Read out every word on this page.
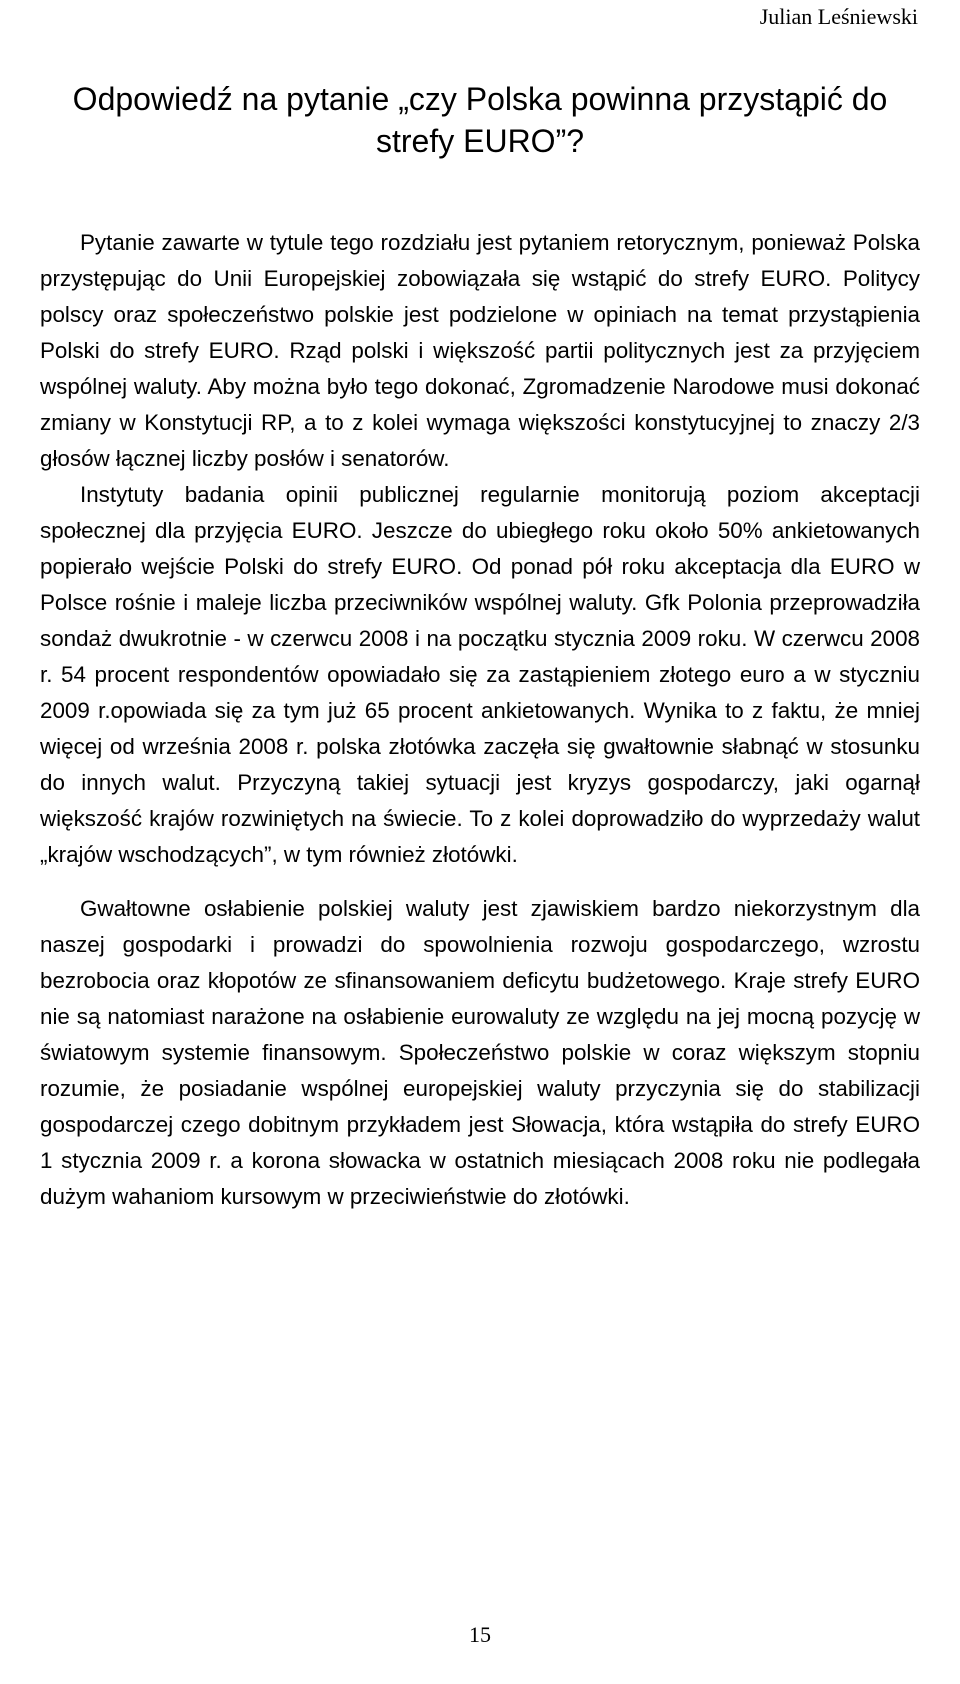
Julian Leśniewski
Odpowiedź na pytanie „czy Polska powinna przystąpić do strefy EURO”?

Pytanie zawarte w tytule tego rozdziału jest pytaniem retorycznym, ponieważ Polska przystępując do Unii Europejskiej zobowiązała się wstąpić do strefy EURO. Politycy polscy oraz społeczeństwo polskie jest podzielone w opiniach na temat przystąpienia Polski do strefy EURO. Rząd polski i większość partii politycznych jest za przyjęciem wspólnej waluty. Aby można było tego dokonać, Zgromadzenie Narodowe musi dokonać zmiany w Konstytucji RP, a to z kolei wymaga większości konstytucyjnej to znaczy 2/3 głosów łącznej liczby posłów i senatorów.

Instytuty badania opinii publicznej regularnie monitorują poziom akceptacji społecznej dla przyjęcia EURO. Jeszcze do ubiegłego roku około 50% ankietowanych popierało wejście Polski do strefy EURO. Od ponad pół roku akceptacja dla EURO w Polsce rośnie i maleje liczba przeciwników wspólnej waluty. Gfk Polonia przeprowadziła sondaż dwukrotnie - w czerwcu 2008 i na początku stycznia 2009 roku. W czerwcu 2008 r. 54 procent respondentów opowiadało się za zastąpieniem złotego euro a w styczniu 2009 r.opowiada się za tym już 65 procent ankietowanych. Wynika to z faktu, że mniej więcej od września 2008 r. polska złotówka zaczęła się gwałtownie słabnąć w stosunku do innych walut. Przyczyną takiej sytuacji jest kryzys gospodarczy, jaki ogarnął większość krajów rozwiniętych na świecie. To z kolei doprowadziło do wyprzedaży walut „krajów wschodzących”, w tym również złotówki.

Gwałtowne osłabienie polskiej waluty jest zjawiskiem bardzo niekorzystnym dla naszej gospodarki i prowadzi do spowolnienia rozwoju gospodarczego, wzrostu bezrobocia oraz kłopotów ze sfinansowaniem deficytu budżetowego. Kraje strefy EURO nie są natomiast narażone na osłabienie eurowaluty ze względu na jej mocną pozycję w światowym systemie finansowym. Społeczeństwo polskie w coraz większym stopniu rozumie, że posiadanie wspólnej europejskiej waluty przyczynia się do stabilizacji gospodarczej czego dobitnym przykładem jest Słowacja, która wstąpiła do strefy EURO 1 stycznia 2009 r. a korona słowacka w ostatnich miesiącach 2008 roku nie podlegała dużym wahaniom kursowym w przeciwieństwie do złotówki.

15
